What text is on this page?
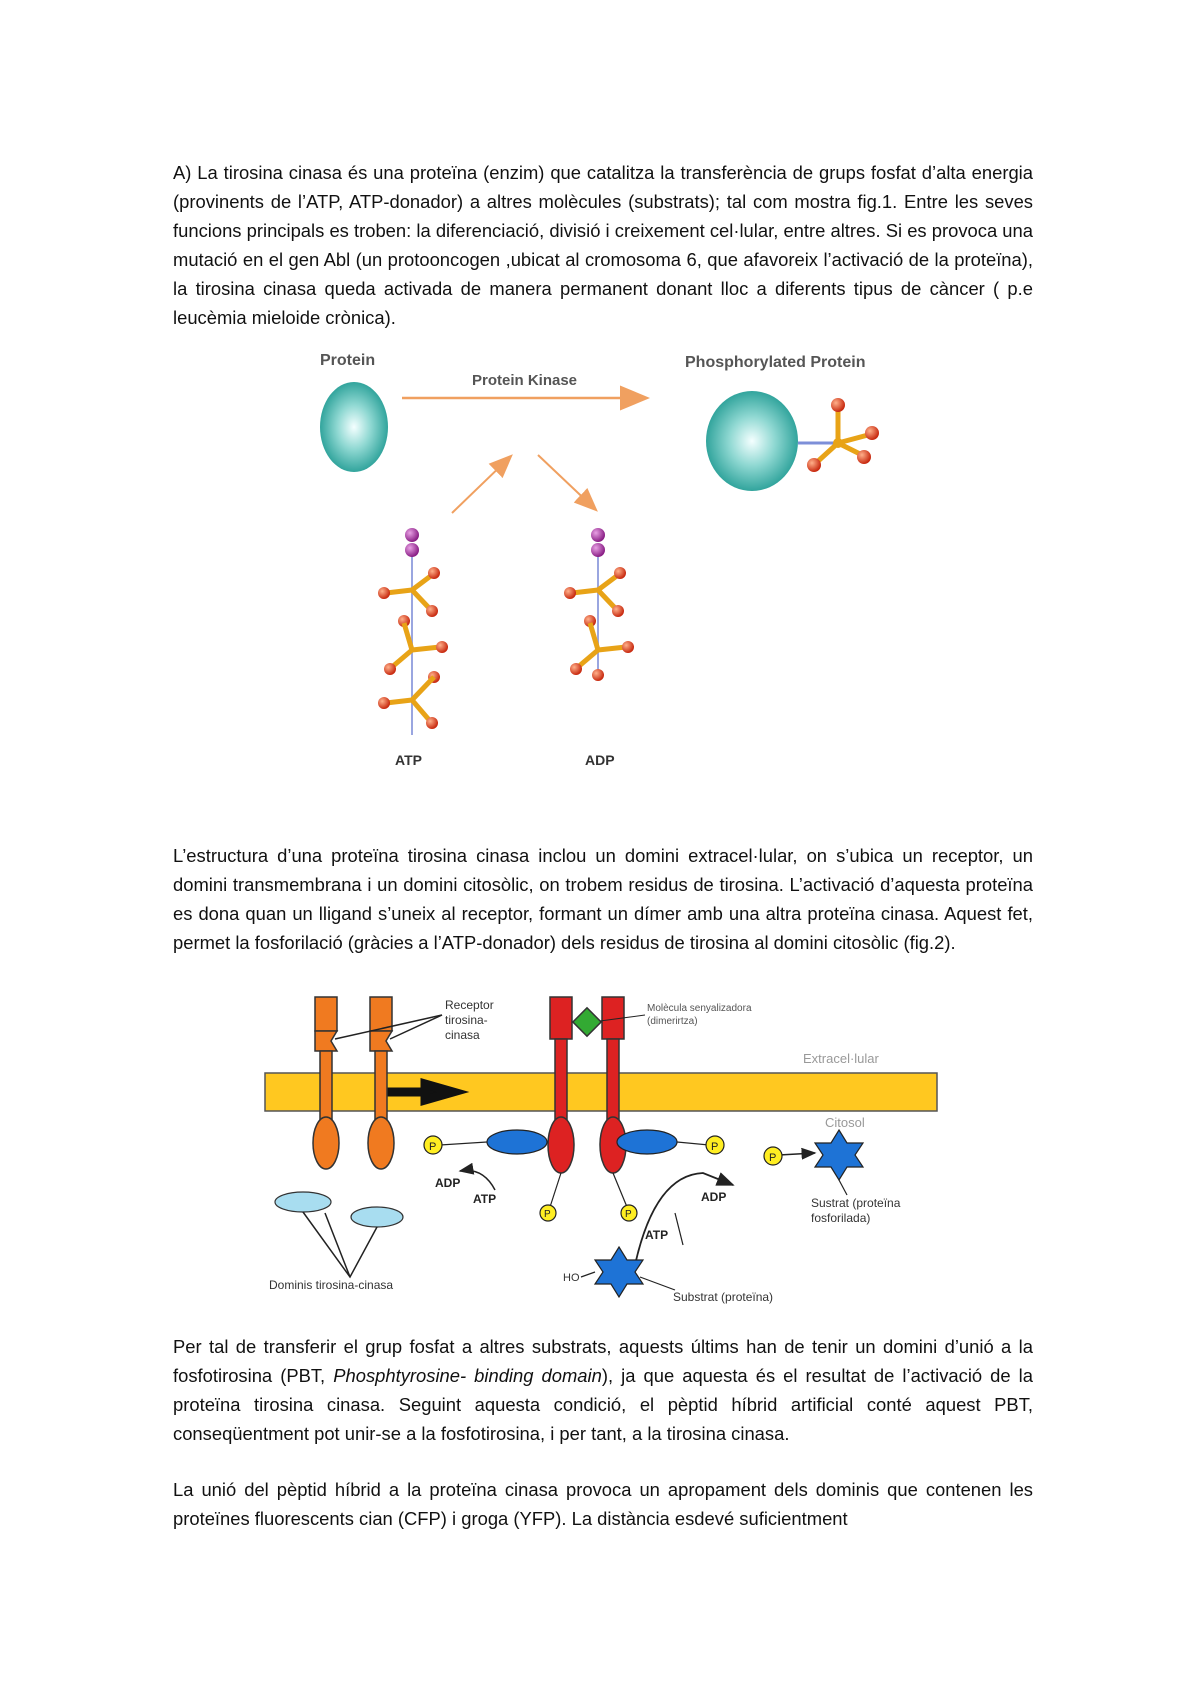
A) La tirosina cinasa és una proteïna (enzim) que catalitza la transferència de grups fosfat d’alta energia (provinents de l’ATP, ATP-donador) a altres molècules (substrats); tal com mostra fig.1. Entre les seves funcions principals es troben: la diferenciació, divisió i creixement cel·lular, entre altres. Si es provoca una mutació en el gen Abl (un protooncogen ,ubicat al cromosoma 6, que afavoreix l’activació de la proteïna), la tirosina cinasa queda activada de manera permanent donant lloc a diferents tipus de càncer ( p.e leucèmia mieloide crònica).

Protein	Phosphorylated Protein
Protein Kinase
ATP	ADP

L’estructura d’una proteïna tirosina cinasa inclou un domini extracel·lular, on s’ubica un receptor, un domini transmembrana i un domini citosòlic, on trobem residus de tirosina. L’activació d’aquesta proteïna es dona quan un lligand s’uneix al receptor, formant un dímer amb una altra proteïna cinasa. Aquest fet, permet la fosforilació (gràcies a l’ATP-donador) dels residus de tirosina al domini citosòlic (fig.2).

Extracel·lular
Citosol
Dominis tirosina-cinasa
Receptor
tirosina-
cinasa
Molècula senyalizadora
(dimerirtza)
P	P
P	P
ADP
ATP	ADP
ATP
P
Sustrat (proteïna
fosforilada)
HO
Substrat (proteïna)

Per tal de transferir el grup fosfat a altres substrats, aquests últims han de tenir un domini d’unió a la fosfotirosina (PBT, Phosphtyrosine- binding domain), ja que aquesta és el resultat de l’activació de la proteïna tirosina cinasa. Seguint aquesta condició, el pèptid híbrid artificial conté aquest PBT, conseqüentment pot unir-se a la fosfotirosina, i per tant, a la tirosina cinasa.

La unió del pèptid híbrid a la proteïna cinasa provoca un apropament dels dominis que contenen les proteïnes fluorescents cian (CFP) i groga (YFP). La distància esdevé suficientment
